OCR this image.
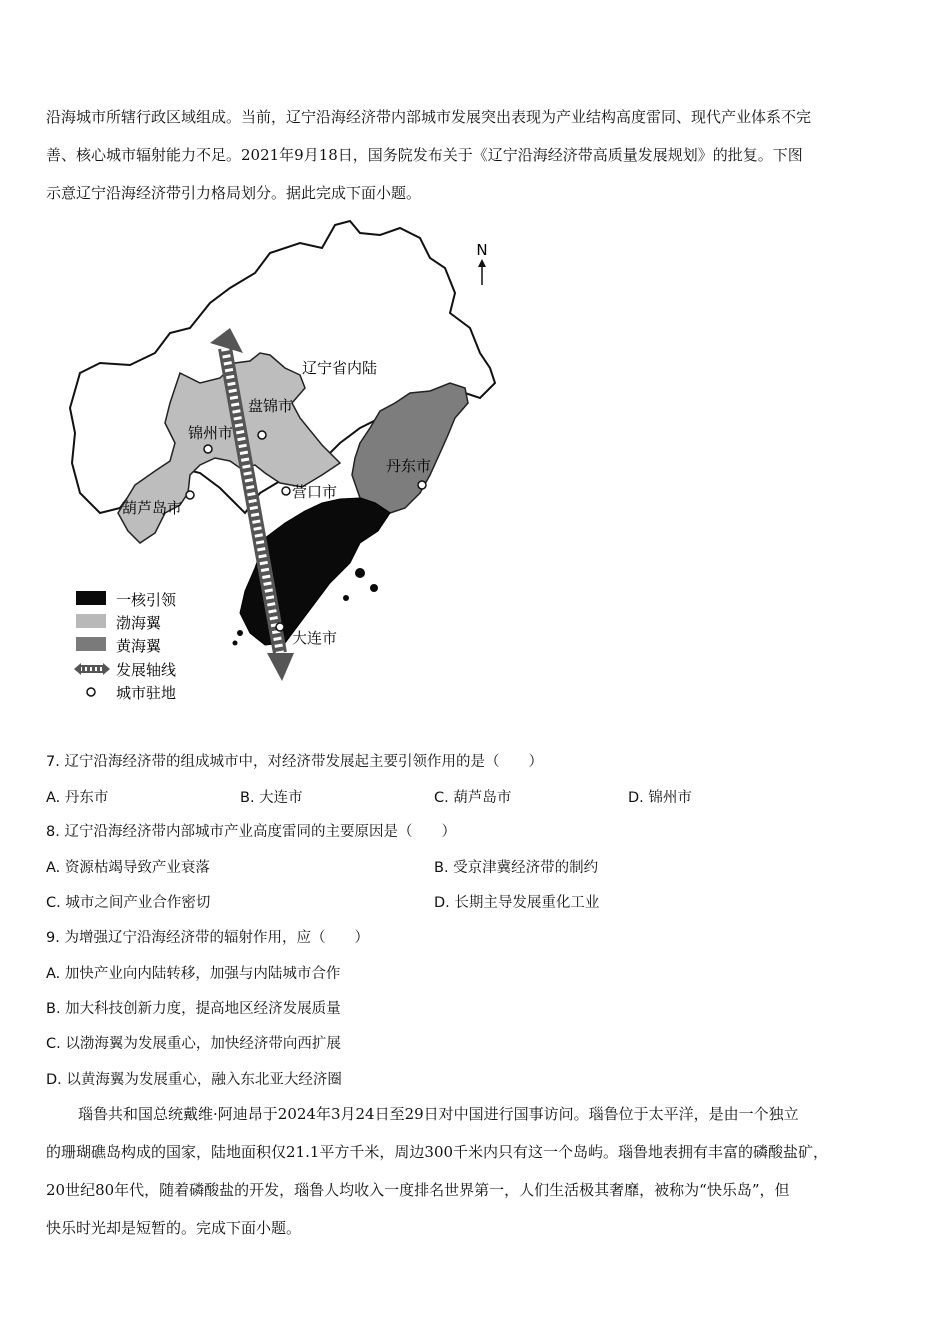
沿海城市所辖行政区域组成。当前，辽宁沿海经济带内部城市发展突出表现为产业结构高度雷同、现代产业体系不完
善、核心城市辐射能力不足。2021年9月18日，国务院发布关于《辽宁沿海经济带高质量发展规划》的批复。下图
示意辽宁沿海经济带引力格局划分。据此完成下面小题。
N
辽宁省内陆
盘锦市
锦州市
丹东市
营口市
葫芦岛市
大连市
一核引领
渤海翼
黄海翼
发展轴线
城市驻地
7. 辽宁沿海经济带的组成城市中，对经济带发展起主要引领作用的是（　　）
A. 丹东市	B. 大连市	C. 葫芦岛市	D. 锦州市
8. 辽宁沿海经济带内部城市产业高度雷同的主要原因是（　　）
A. 资源枯竭导致产业衰落	B. 受京津冀经济带的制约
C. 城市之间产业合作密切	D. 长期主导发展重化工业
9. 为增强辽宁沿海经济带的辐射作用，应（　　）
A. 加快产业向内陆转移，加强与内陆城市合作
B. 加大科技创新力度，提高地区经济发展质量
C. 以渤海翼为发展重心，加快经济带向西扩展
D. 以黄海翼为发展重心，融入东北亚大经济圈
瑙鲁共和国总统戴维·阿迪昂于2024年3月24日至29日对中国进行国事访问。瑙鲁位于太平洋，是由一个独立
的珊瑚礁岛构成的国家，陆地面积仅21.1平方千米，周边300千米内只有这一个岛屿。瑙鲁地表拥有丰富的磷酸盐矿，
20世纪80年代，随着磷酸盐的开发，瑙鲁人均收入一度排名世界第一，人们生活极其奢靡，被称为“快乐岛”，但
快乐时光却是短暂的。完成下面小题。
